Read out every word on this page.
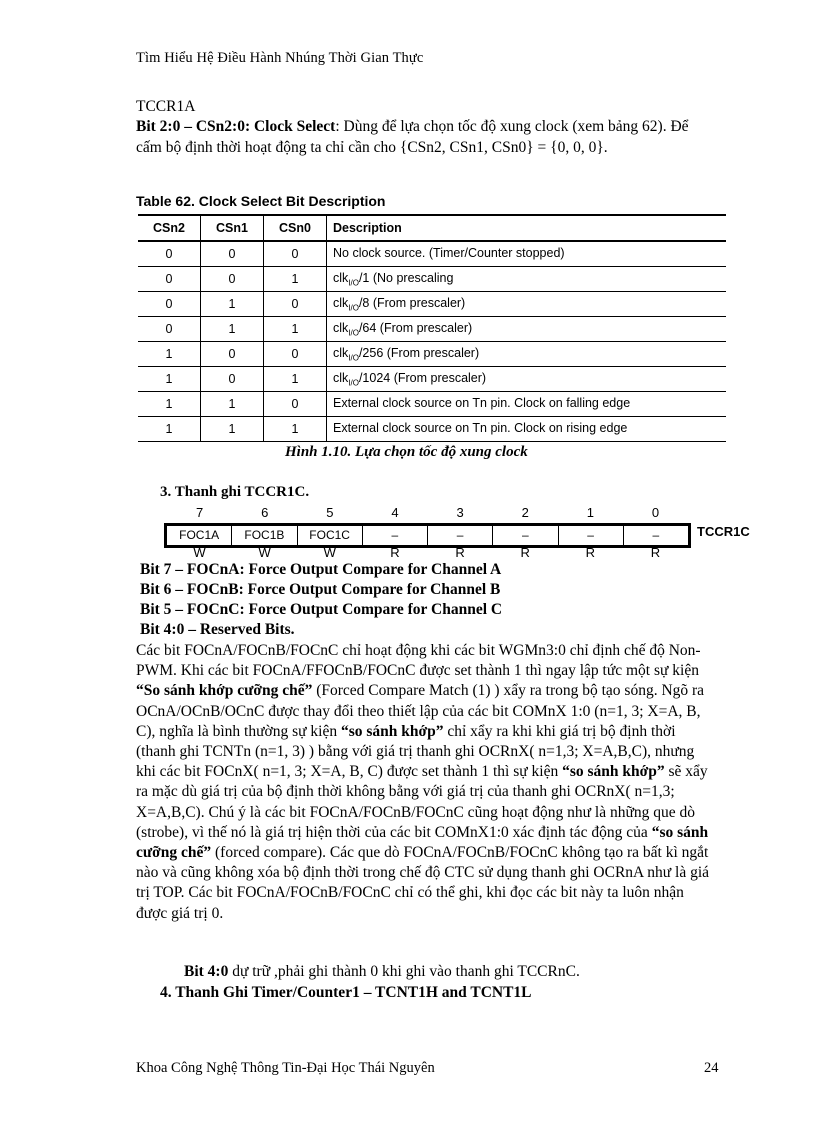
Tìm Hiểu Hệ Điều Hành Nhúng Thời Gian Thực
TCCR1A
Bit 2:0 – CSn2:0: Clock Select: Dùng để lựa chọn tốc độ xung clock (xem bảng 62). Để cấm bộ định thời hoạt động ta chỉ cần cho {CSn2, CSn1, CSn0} = {0, 0, 0}.
Table 62. Clock Select Bit Description
CSn2	CSn1	CSn0	Description
0	0	0	No clock source. (Timer/Counter stopped)
0	0	1	clk$_{I/O}$/1 (No prescaling
0	1	0	clk$_{I/O}$/8 (From prescaler)
0	1	1	clk$_{I/O}$/64 (From prescaler)
1	0	0	clk$_{I/O}$/256 (From prescaler)
1	0	1	clk$_{I/O}$/1024 (From prescaler)
1	1	0	External clock source on Tn pin. Clock on falling edge
1	1	1	External clock source on Tn pin. Clock on rising edge
Hình 1.10. Lựa chọn tốc độ xung clock
3. Thanh ghi TCCR1C.
7	6	5	4	3	2	1	0
FOC1A	FOC1B	FOC1C	–	–	–	–	–	TCCR1C
W	W	W	R	R	R	R	R
Bit 7 – FOCnA: Force Output Compare for Channel A
Bit 6 – FOCnB: Force Output Compare for Channel B
Bit 5 – FOCnC: Force Output Compare for Channel C
Bit 4:0 – Reserved Bits.
Các bit FOCnA/FOCnB/FOCnC chỉ hoạt động khi các bit WGMn3:0 chỉ định chế độ Non-PWM. Khi các bit FOCnA/FFOCnB/FOCnC được set thành 1 thì ngay lập tức một sự kiện “So sánh khớp cưỡng chế” (Forced Compare Match (1) ) xẩy ra trong bộ tạo sóng. Ngõ ra OCnA/OCnB/OCnC được thay đổi theo thiết lập của các bit COMnX 1:0 (n=1, 3; X=A, B, C), nghĩa là bình thường sự kiện “so sánh khớp” chỉ xẩy ra khi khi giá trị bộ định thời (thanh ghi TCNTn (n=1, 3) ) bằng với giá trị thanh ghi OCRnX( n=1,3; X=A,B,C), nhưng khi các bit FOCnX( n=1, 3; X=A, B, C) được set thành 1 thì sự kiện “so sánh khớp” sẽ xẩy ra mặc dù giá trị của bộ định thời không bằng với giá trị của thanh ghi OCRnX( n=1,3; X=A,B,C). Chú ý là các bit FOCnA/FOCnB/FOCnC cũng hoạt động như là những que dò (strobe), vì thế nó là giá trị hiện thời của các bit COMnX1:0 xác định tác động của “so sánh cưỡng chế” (forced compare). Các que dò FOCnA/FOCnB/FOCnC không tạo ra bất kì ngắt nào và cũng không xóa bộ định thời trong chế độ CTC sử dụng thanh ghi OCRnA như là giá trị TOP. Các bit FOCnA/FOCnB/FOCnC chỉ có thể ghi, khi đọc các bit này ta luôn nhận được giá trị 0.
Bit 4:0 dự trữ ,phải ghi thành 0 khi ghi vào thanh ghi TCCRnC.
4. Thanh Ghi Timer/Counter1 – TCNT1H and TCNT1L
Khoa Công Nghệ Thông Tin-Đại Học Thái Nguyên	24
